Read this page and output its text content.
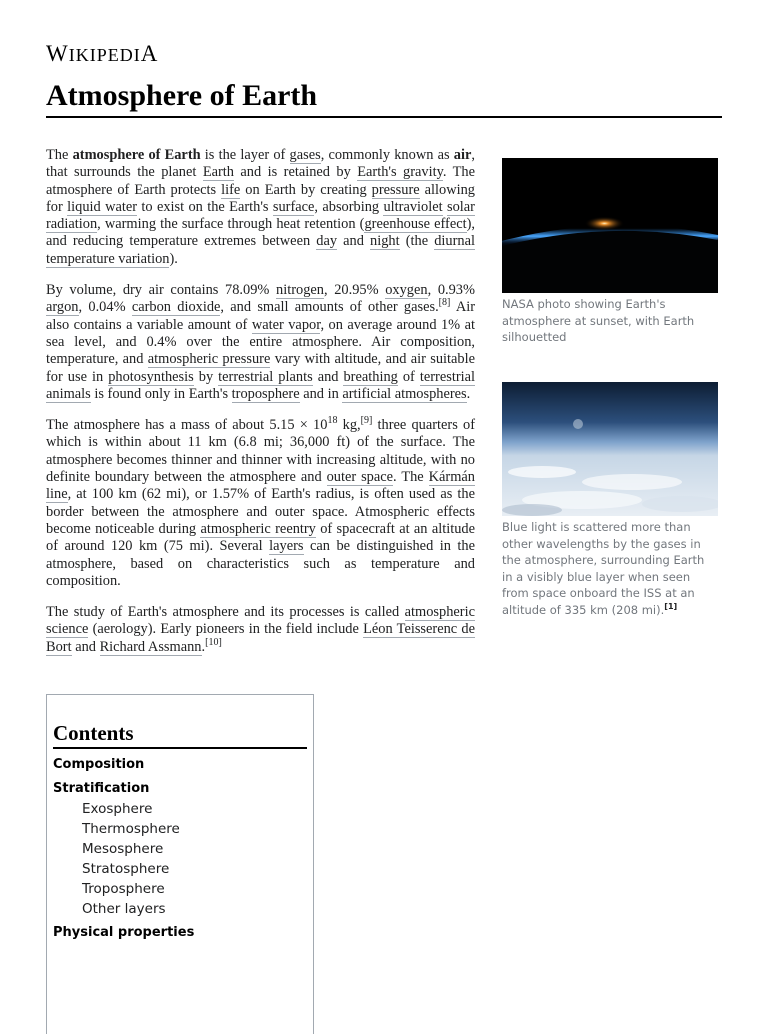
WIKIPEDIA
Atmosphere of Earth

The atmosphere of Earth is the layer of gases, commonly known as air, that surrounds the planet Earth and is retained by Earth's gravity. The atmosphere of Earth protects life on Earth by creating pressure allowing for liquid water to exist on the Earth's surface, absorbing ultraviolet solar radiation, warming the surface through heat retention (greenhouse effect), and reducing temperature extremes between day and night (the diurnal temperature variation).

By volume, dry air contains 78.09% nitrogen, 20.95% oxygen, 0.93% argon, 0.04% carbon dioxide, and small amounts of other gases.[8] Air also contains a variable amount of water vapor, on average around 1% at sea level, and 0.4% over the entire atmosphere. Air composition, temperature, and atmospheric pressure vary with altitude, and air suitable for use in photosynthesis by terrestrial plants and breathing of terrestrial animals is found only in Earth's troposphere and in artificial atmospheres.

The atmosphere has a mass of about $5.15 \times 10^{18}$ kg,[9] three quarters of which is within about 11 km (6.8 mi; 36,000 ft) of the surface. The atmosphere becomes thinner and thinner with increasing altitude, with no definite boundary between the atmosphere and outer space. The Kármán line, at 100 km (62 mi), or 1.57% of Earth's radius, is often used as the border between the atmosphere and outer space. Atmospheric effects become noticeable during atmospheric reentry of spacecraft at an altitude of around 120 km (75 mi). Several layers can be distinguished in the atmosphere, based on characteristics such as temperature and composition.

The study of Earth's atmosphere and its processes is called atmospheric science (aerology). Early pioneers in the field include Léon Teisserenc de Bort and Richard Assmann.[10]

NASA photo showing Earth's atmosphere at sunset, with Earth silhouetted
Blue light is scattered more than other wavelengths by the gases in the atmosphere, surrounding Earth in a visibly blue layer when seen from space onboard the ISS at an altitude of 335 km (208 mi).[1]
Contents
Composition
Stratification
Exosphere
Thermosphere
Mesosphere
Stratosphere
Troposphere
Other layers
Physical properties
